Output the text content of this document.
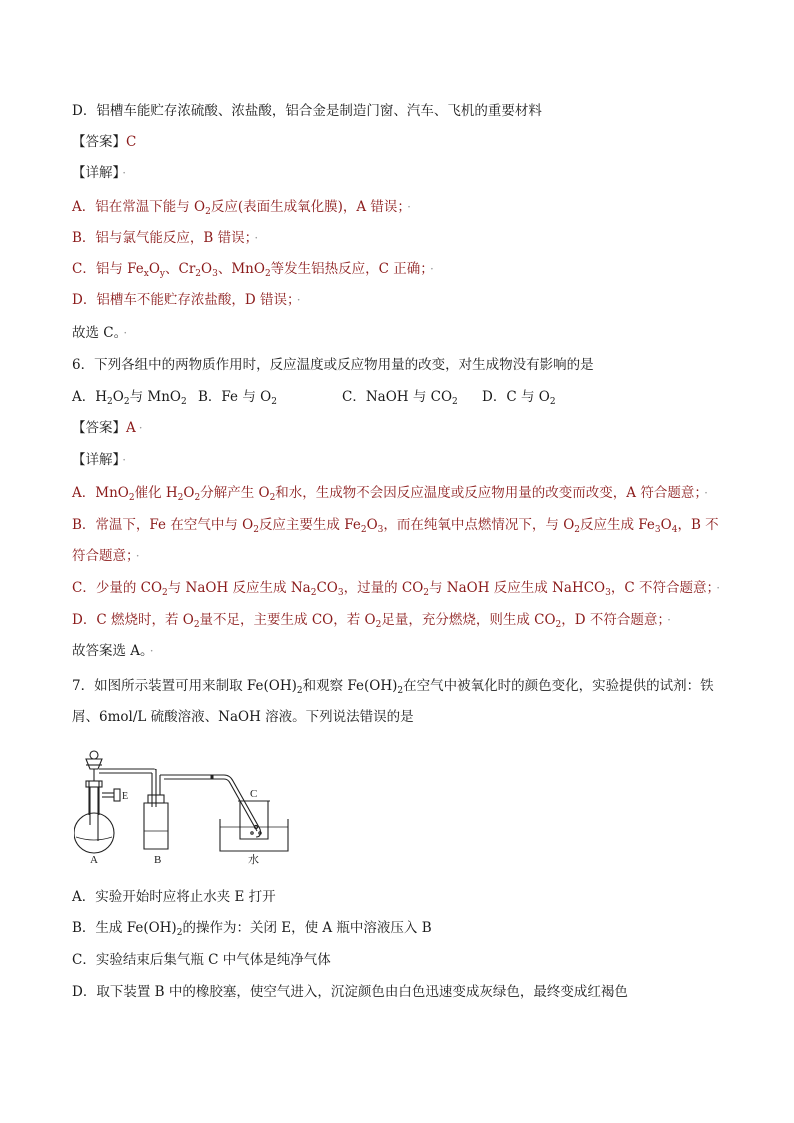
D．铝槽车能贮存浓硫酸、浓盐酸，铝合金是制造门窗、汽车、飞机的重要材料
【答案】C
【详解】 ·
A．铝在常温下能与 $O_2$反应(表面生成氧化膜)，A 错误； ·
B．铝与氯气能反应，B 错误； ·
C．铝与 $Fe_xO_y$、$Cr_2O_3$、MnO$_2$等发生铝热反应，C 正确； ·
D．铝槽车不能贮存浓盐酸，D 错误； ·
故选 C。 ·
6．下列各组中的两物质作用时，反应温度或反应物用量的改变，对生成物没有影响的是
A．$H_2O_2$与 MnO$_2$ B．Fe 与 $O_2$	C．NaOH 与 $CO_2$ D．C 与 $O_2$
【答案】A ·
【详解】 ·
A．MnO$_2$催化 $H_2O_2$分解产生 $O_2$和水，生成物不会因反应温度或反应物用量的改变而改变，A 符合题意； ·
B．常温下，Fe 在空气中与 $O_2$反应主要生成 $Fe_2O_3$，而在纯氧中点燃情况下，与 $O_2$反应生成 $Fe_3O_4$，B 不
符合题意； ·
C．少量的 $CO_2$与 NaOH 反应生成 $Na_2CO_3$，过量的 $CO_2$与 NaOH 反应生成 NaHCO$_3$，C 不符合题意； ·
D．C 燃烧时，若 $O_2$量不足，主要生成 CO，若 $O_2$足量，充分燃烧，则生成 $CO_2$，D 不符合题意； ·
故答案选 A。 ·
7．如图所示装置可用来制取 $Fe(OH)_2$和观察 $Fe(OH)_2$在空气中被氧化时的颜色变化，实验提供的试剂：铁
屑、6mol/L 硫酸溶液、NaOH 溶液。下列说法错误的是
A	B
C
E
水
A．实验开始时应将止水夹 E 打开
B．生成 $Fe(OH)_2$的操作为：关闭 E，使 A 瓶中溶液压入 B
C．实验结束后集气瓶 C 中气体是纯净气体
D．取下装置 B 中的橡胶塞，使空气进入，沉淀颜色由白色迅速变成灰绿色，最终变成红褐色
